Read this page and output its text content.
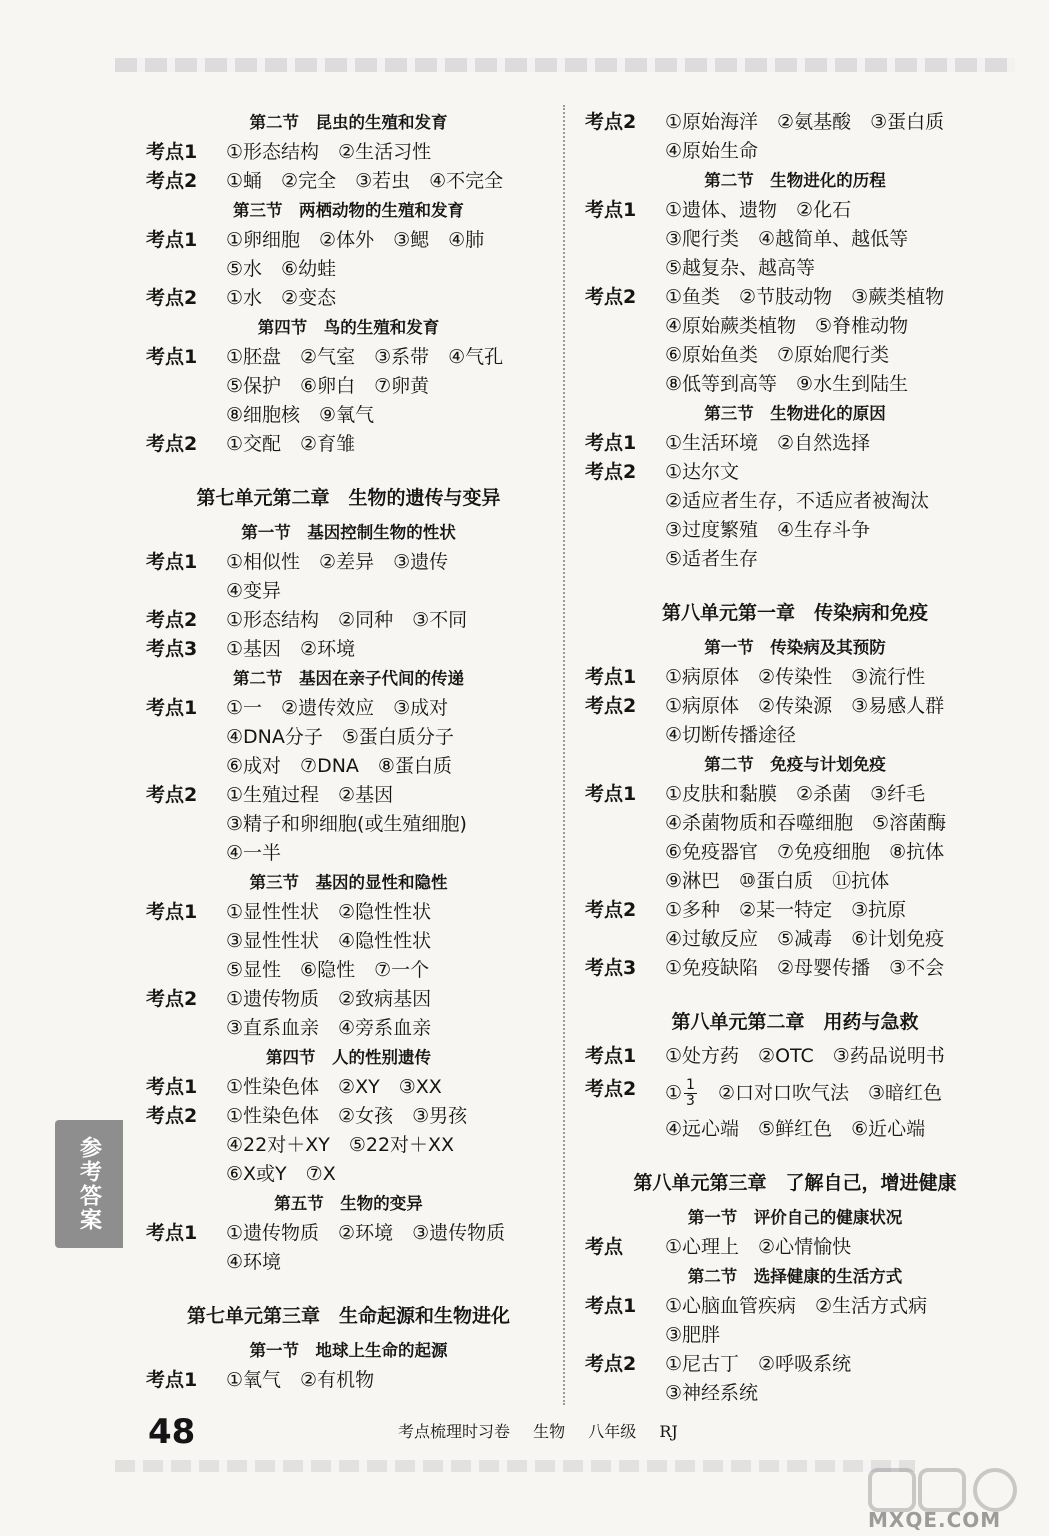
第二节　昆虫的生殖和发育
考点1	①形态结构　②生活习性
考点2	①蛹　②完全　③若虫　④不完全
第三节　两栖动物的生殖和发育
考点1	①卵细胞　②体外　③鳃　④肺
⑤水　⑥幼蛙
考点2	①水　②变态
第四节　鸟的生殖和发育
考点1	①胚盘　②气室　③系带　④气孔
⑤保护　⑥卵白　⑦卵黄
⑧细胞核　⑨氧气
考点2	①交配　②育雏
第七单元第二章　生物的遗传与变异
第一节　基因控制生物的性状
考点1	①相似性　②差异　③遗传
④变异
考点2	①形态结构　②同种　③不同
考点3	①基因　②环境
第二节　基因在亲子代间的传递
考点1	①一　②遗传效应　③成对
④DNA分子　⑤蛋白质分子
⑥成对　⑦DNA　⑧蛋白质
考点2	①生殖过程　②基因
③精子和卵细胞(或生殖细胞)
④一半
第三节　基因的显性和隐性
考点1	①显性性状　②隐性性状
③显性性状　④隐性性状
⑤显性　⑥隐性　⑦一个
考点2	①遗传物质　②致病基因
③直系血亲　④旁系血亲
第四节　人的性别遗传
考点1	①性染色体　②XY　③XX
考点2	①性染色体　②女孩　③男孩
④22对＋XY　⑤22对＋XX
⑥X或Y　⑦X
第五节　生物的变异
考点1	①遗传物质　②环境　③遗传物质
④环境
第七单元第三章　生命起源和生物进化
第一节　地球上生命的起源
考点1	①氧气　②有机物
考点2	①原始海洋　②氨基酸　③蛋白质
④原始生命
第二节　生物进化的历程
考点1	①遗体、遗物　②化石
③爬行类　④越简单、越低等
⑤越复杂、越高等
考点2	①鱼类　②节肢动物　③蕨类植物
④原始蕨类植物　⑤脊椎动物
⑥原始鱼类　⑦原始爬行类
⑧低等到高等　⑨水生到陆生
第三节　生物进化的原因
考点1	①生活环境　②自然选择
考点2	①达尔文
②适应者生存，不适应者被淘汰
③过度繁殖　④生存斗争
⑤适者生存
第八单元第一章　传染病和免疫
第一节　传染病及其预防
考点1	①病原体　②传染性　③流行性
考点2	①病原体　②传染源　③易感人群
④切断传播途径
第二节　免疫与计划免疫
考点1	①皮肤和黏膜　②杀菌　③纤毛
④杀菌物质和吞噬细胞　⑤溶菌酶
⑥免疫器官　⑦免疫细胞　⑧抗体
⑨淋巴　⑩蛋白质　⑪抗体
考点2	①多种　②某一特定　③抗原
④过敏反应　⑤减毒　⑥计划免疫
考点3	①免疫缺陷　②母婴传播　③不会
第八单元第二章　用药与急救
考点1	①处方药　②OTC　③药品说明书
考点2	① $\frac{1}{3}$ 　②口对口吹气法　③暗红色
④远心端　⑤鲜红色　⑥近心端
第八单元第三章　了解自己，增进健康
第一节　评价自己的健康状况
考点	①心理上　②心情愉快
第二节　选择健康的生活方式
考点1	①心脑血管疾病　②生活方式病
③肥胖
考点2	①尼古丁　②呼吸系统
③神经系统
参考答案
48	考点梳理时习卷 生物 八年级 RJ
MXQE.COM
